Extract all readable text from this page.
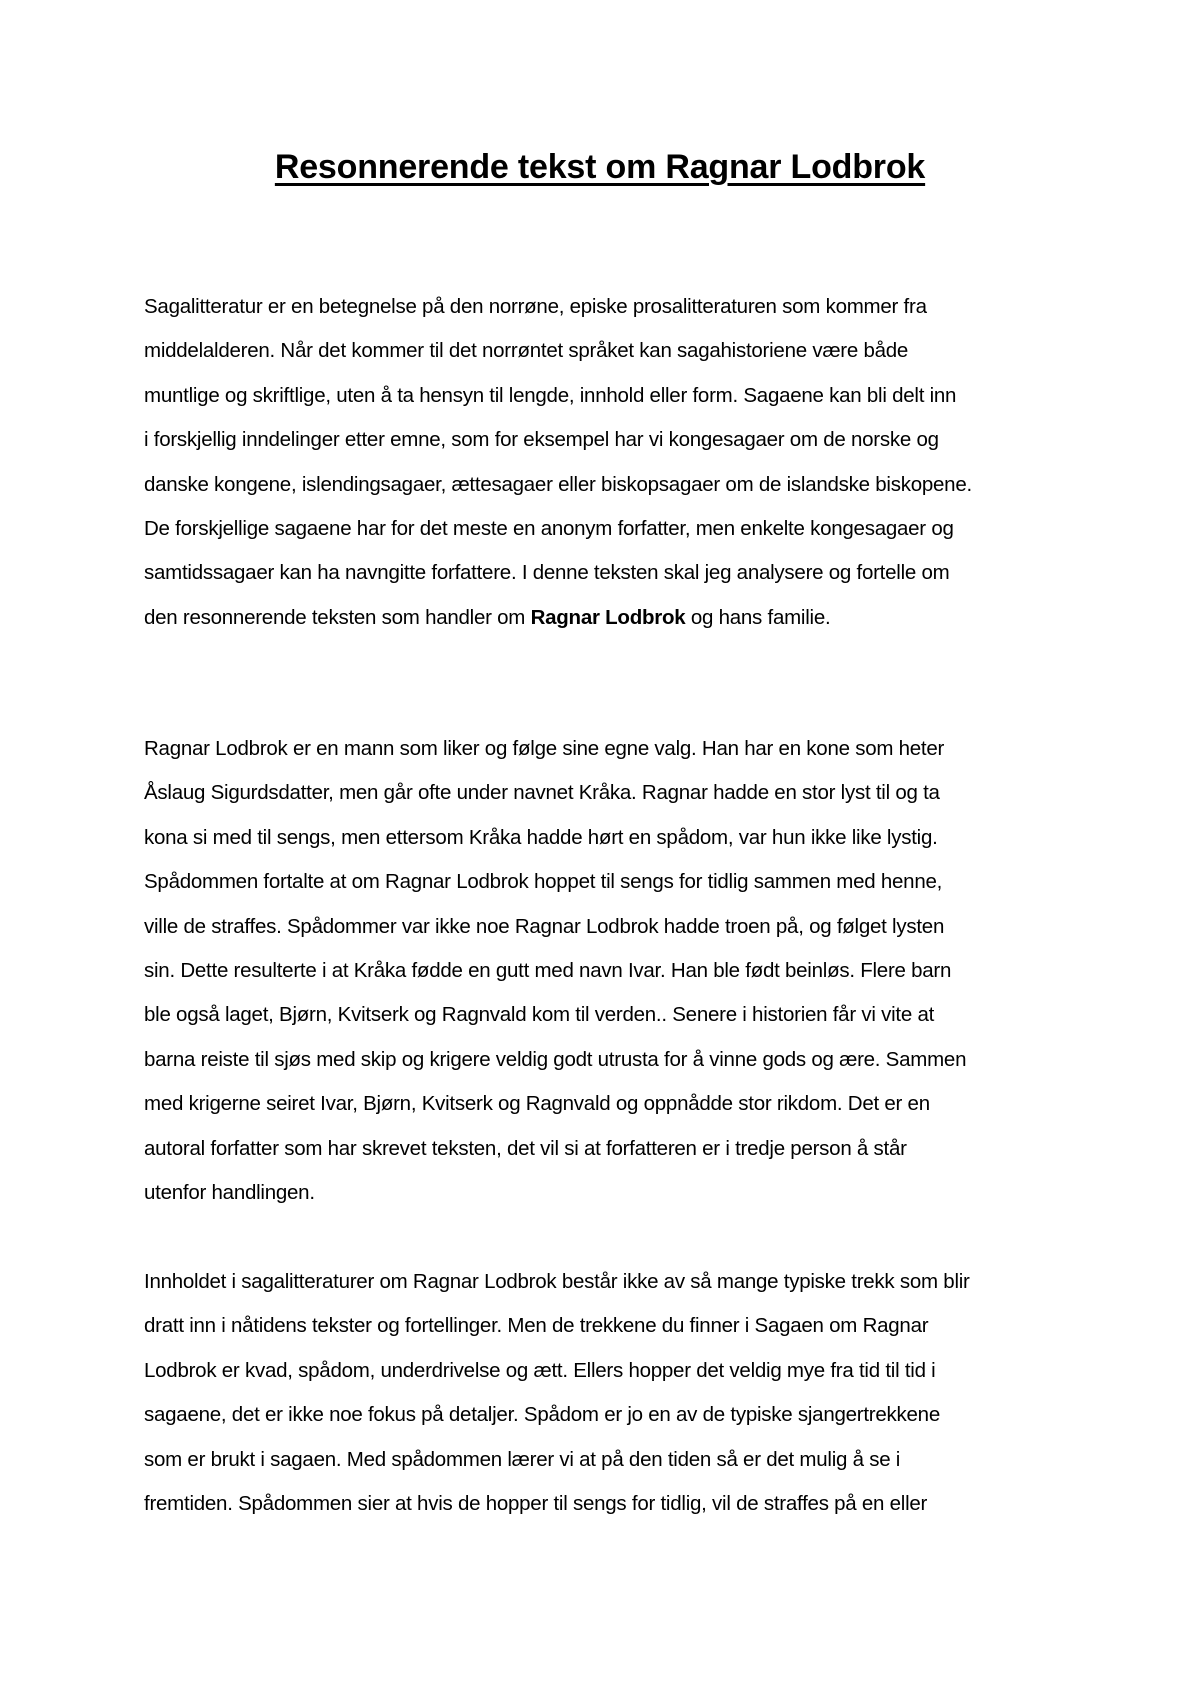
Resonnerende tekst om Ragnar Lodbrok
Sagalitteratur er en betegnelse på den norrøne, episke prosalitteraturen som kommer fra
middelalderen. Når det kommer til det norrøntet språket kan sagahistoriene være både
muntlige og skriftlige, uten å ta hensyn til lengde, innhold eller form. Sagaene kan bli delt inn
i forskjellig inndelinger etter emne, som for eksempel har vi kongesagaer om de norske og
danske kongene, islendingsagaer, ættesagaer eller biskopsagaer om de islandske biskopene.
De forskjellige sagaene har for det meste en anonym forfatter, men enkelte kongesagaer og
samtidssagaer kan ha navngitte forfattere. I denne teksten skal jeg analysere og fortelle om
den resonnerende teksten som handler om Ragnar Lodbrok og hans familie.
Ragnar Lodbrok er en mann som liker og følge sine egne valg. Han har en kone som heter
Åslaug Sigurdsdatter, men går ofte under navnet Kråka. Ragnar hadde en stor lyst til og ta
kona si med til sengs, men ettersom Kråka hadde hørt en spådom, var hun ikke like lystig.
Spådommen fortalte at om Ragnar Lodbrok hoppet til sengs for tidlig sammen med henne,
ville de straffes. Spådommer var ikke noe Ragnar Lodbrok hadde troen på, og følget lysten
sin. Dette resulterte i at Kråka fødde en gutt med navn Ivar. Han ble født beinløs. Flere barn
ble også laget, Bjørn, Kvitserk og Ragnvald kom til verden.. Senere i historien får vi vite at
barna reiste til sjøs med skip og krigere veldig godt utrusta for å vinne gods og ære. Sammen
med krigerne seiret Ivar, Bjørn, Kvitserk og Ragnvald og oppnådde stor rikdom. Det er en
autoral forfatter som har skrevet teksten, det vil si at forfatteren er i tredje person å står
utenfor handlingen.
Innholdet i sagalitteraturer om Ragnar Lodbrok består ikke av så mange typiske trekk som blir
dratt inn i nåtidens tekster og fortellinger. Men de trekkene du finner i Sagaen om Ragnar
Lodbrok er kvad, spådom, underdrivelse og ætt. Ellers hopper det veldig mye fra tid til tid i
sagaene, det er ikke noe fokus på detaljer. Spådom er jo en av de typiske sjangertrekkene
som er brukt i sagaen. Med spådommen lærer vi at på den tiden så er det mulig å se i
fremtiden. Spådommen sier at hvis de hopper til sengs for tidlig, vil de straffes på en eller
